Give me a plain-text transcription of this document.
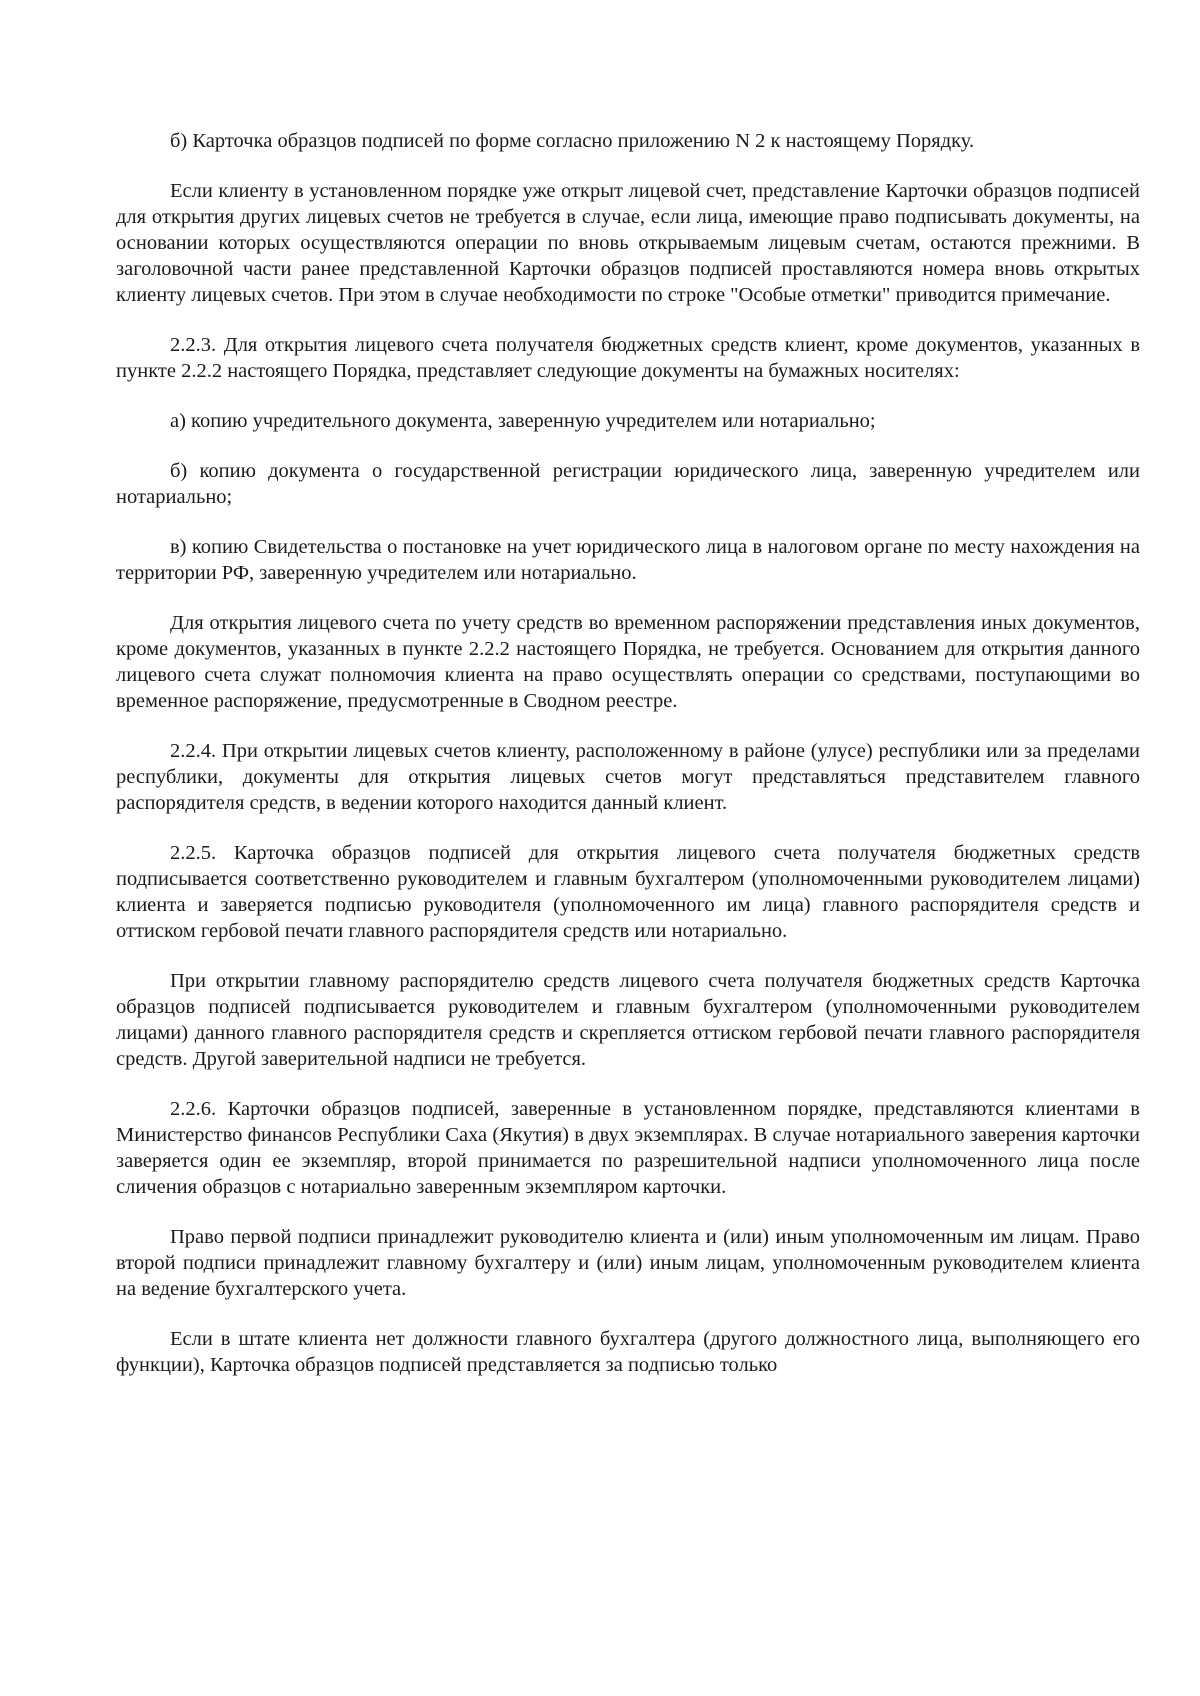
б) Карточка образцов подписей по форме согласно приложению N 2 к настоящему Порядку.

Если клиенту в установленном порядке уже открыт лицевой счет, представление Карточки образцов подписей для открытия других лицевых счетов не требуется в случае, если лица, имеющие право подписывать документы, на основании которых осуществляются операции по вновь открываемым лицевым счетам, остаются прежними. В заголовочной части ранее представленной Карточки образцов подписей проставляются номера вновь открытых клиенту лицевых счетов. При этом в случае необходимости по строке "Особые отметки" приводится примечание.

2.2.3. Для открытия лицевого счета получателя бюджетных средств клиент, кроме документов, указанных в пункте 2.2.2 настоящего Порядка, представляет следующие документы на бумажных носителях:

а) копию учредительного документа, заверенную учредителем или нотариально;

б) копию документа о государственной регистрации юридического лица, заверенную учредителем или нотариально;

в) копию Свидетельства о постановке на учет юридического лица в налоговом органе по месту нахождения на территории РФ, заверенную учредителем или нотариально.

Для открытия лицевого счета по учету средств во временном распоряжении представления иных документов, кроме документов, указанных в пункте 2.2.2 настоящего Порядка, не требуется. Основанием для открытия данного лицевого счета служат полномочия клиента на право осуществлять операции со средствами, поступающими во временное распоряжение, предусмотренные в Сводном реестре.

2.2.4. При открытии лицевых счетов клиенту, расположенному в районе (улусе) республики или за пределами республики, документы для открытия лицевых счетов могут представляться представителем главного распорядителя средств, в ведении которого находится данный клиент.

2.2.5. Карточка образцов подписей для открытия лицевого счета получателя бюджетных средств подписывается соответственно руководителем и главным бухгалтером (уполномоченными руководителем лицами) клиента и заверяется подписью руководителя (уполномоченного им лица) главного распорядителя средств и оттиском гербовой печати главного распорядителя средств или нотариально.

При открытии главному распорядителю средств лицевого счета получателя бюджетных средств Карточка образцов подписей подписывается руководителем и главным бухгалтером (уполномоченными руководителем лицами) данного главного распорядителя средств и скрепляется оттиском гербовой печати главного распорядителя средств. Другой заверительной надписи не требуется.

2.2.6. Карточки образцов подписей, заверенные в установленном порядке, представляются клиентами в Министерство финансов Республики Саха (Якутия) в двух экземплярах. В случае нотариального заверения карточки заверяется один ее экземпляр, второй принимается по разрешительной надписи уполномоченного лица после сличения образцов с нотариально заверенным экземпляром карточки.

Право первой подписи принадлежит руководителю клиента и (или) иным уполномоченным им лицам. Право второй подписи принадлежит главному бухгалтеру и (или) иным лицам, уполномоченным руководителем клиента на ведение бухгалтерского учета.

Если в штате клиента нет должности главного бухгалтера (другого должностного лица, выполняющего его функции), Карточка образцов подписей представляется за подписью только
